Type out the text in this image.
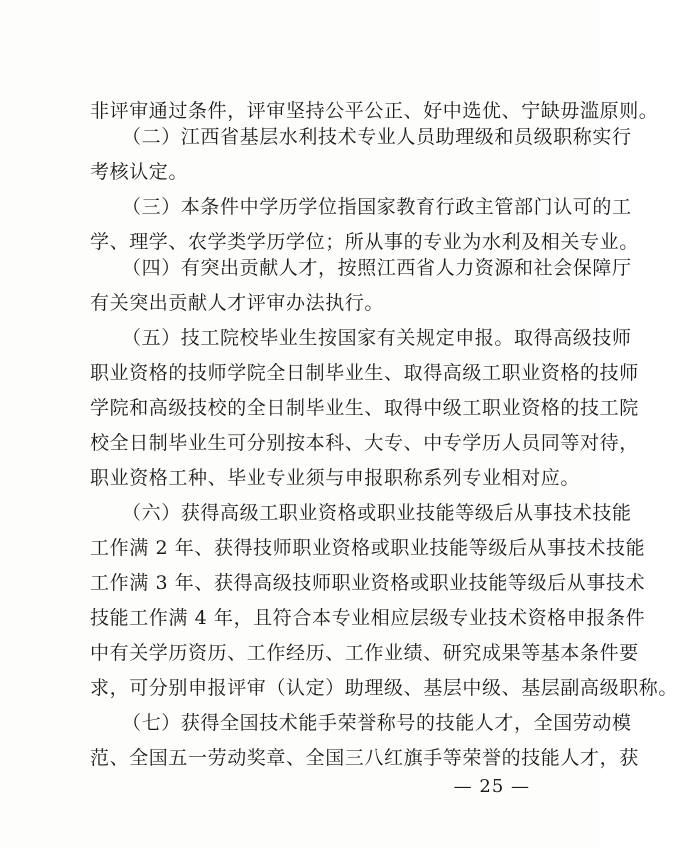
非评审通过条件，评审坚持公平公正、好中选优、宁缺毋滥原则。
（二）江西省基层水利技术专业人员助理级和员级职称实行
考核认定。
（三）本条件中学历学位指国家教育行政主管部门认可的工
学、理学、农学类学历学位；所从事的专业为水利及相关专业。
（四）有突出贡献人才，按照江西省人力资源和社会保障厅
有关突出贡献人才评审办法执行。
（五）技工院校毕业生按国家有关规定申报。取得高级技师
职业资格的技师学院全日制毕业生、取得高级工职业资格的技师
学院和高级技校的全日制毕业生、取得中级工职业资格的技工院
校全日制毕业生可分别按本科、大专、中专学历人员同等对待，
职业资格工种、毕业专业须与申报职称系列专业相对应。
（六）获得高级工职业资格或职业技能等级后从事技术技能
工作满 2 年、获得技师职业资格或职业技能等级后从事技术技能
工作满 3 年、获得高级技师职业资格或职业技能等级后从事技术
技能工作满 4 年，且符合本专业相应层级专业技术资格申报条件
中有关学历资历、工作经历、工作业绩、研究成果等基本条件要
求，可分别申报评审（认定）助理级、基层中级、基层副高级职称。
（七）获得全国技术能手荣誉称号的技能人才，全国劳动模
范、全国五一劳动奖章、全国三八红旗手等荣誉的技能人才，获
— 25 —
